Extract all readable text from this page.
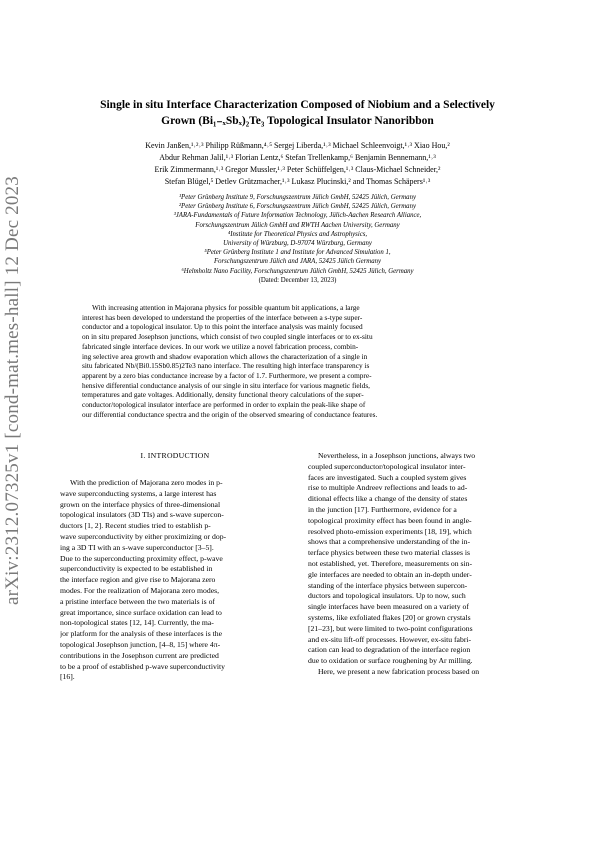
arXiv:2312.07325v1 [cond-mat.mes-hall] 12 Dec 2023
Single in situ Interface Characterization Composed of Niobium and a Selectively
Grown (Bi₁₋ₓSbₓ)₂Te₃ Topological Insulator Nanoribbon
Kevin Janßen,¹˒²˒³ Philipp Rüßmann,⁴˒⁵ Sergej Liberda,¹˒³ Michael Schleenvoigt,¹˒³ Xiao Hou,²
Abdur Rehman Jalil,¹˒³ Florian Lentz,⁶ Stefan Trellenkamp,⁶ Benjamin Bennemann,¹˒³
Erik Zimmermann,¹˒³ Gregor Mussler,¹˒³ Peter Schüffelgen,¹˒³ Claus-Michael Schneider,²
Stefan Blügel,⁵ Detlev Grützmacher,¹˒³ Lukasz Plucinski,² and Thomas Schäpers¹˒³
¹Peter Grünberg Institute 9, Forschungszentrum Jülich GmbH, 52425 Jülich, Germany
²Peter Grünberg Institute 6, Forschungszentrum Jülich GmbH, 52425 Jülich, Germany
³JARA-Fundamentals of Future Information Technology, Jülich-Aachen Research Alliance,
Forschungszentrum Jülich GmbH and RWTH Aachen University, Germany
⁴Institute for Theoretical Physics and Astrophysics,
University of Würzburg, D-97074 Würzburg, Germany
⁵Peter Grünberg Institute 1 and Institute for Advanced Simulation 1,
Forschungszentrum Jülich and JARA, 52425 Jülich Germany
⁶Helmholtz Nano Facility, Forschungszentrum Jülich GmbH, 52425 Jülich, Germany
(Dated: December 13, 2023)
With increasing attention in Majorana physics for possible quantum bit applications, a large
interest has been developed to understand the properties of the interface between a s-type super-
conductor and a topological insulator. Up to this point the interface analysis was mainly focused
on in situ prepared Josephson junctions, which consist of two coupled single interfaces or to ex-situ
fabricated single interface devices. In our work we utilize a novel fabrication process, combin-
ing selective area growth and shadow evaporation which allows the characterization of a single in
situ fabricated Nb/(Bi0.15Sb0.85)2Te3 nano interface. The resulting high interface transparency is
apparent by a zero bias conductance increase by a factor of 1.7. Furthermore, we present a compre-
hensive differential conductance analysis of our single in situ interface for various magnetic fields,
temperatures and gate voltages. Additionally, density functional theory calculations of the super-
conductor/topological insulator interface are performed in order to explain the peak-like shape of
our differential conductance spectra and the origin of the observed smearing of conductance features.
I. INTRODUCTION
With the prediction of Majorana zero modes in p-
wave superconducting systems, a large interest has
grown on the interface physics of three-dimensional
topological insulators (3D TIs) and s-wave supercon-
ductors [1, 2]. Recent studies tried to establish p-
wave superconductivity by either proximizing or dop-
ing a 3D TI with an s-wave superconductor [3–5].
Due to the superconducting proximity effect, p-wave
superconductivity is expected to be established in
the interface region and give rise to Majorana zero
modes. For the realization of Majorana zero modes,
a pristine interface between the two materials is of
great importance, since surface oxidation can lead to
non-topological states [12, 14]. Currently, the ma-
jor platform for the analysis of these interfaces is the
topological Josephson junction, [4–8, 15] where 4π-
contributions in the Josephson current are predicted
to be a proof of established p-wave superconductivity
[16].
Nevertheless, in a Josephson junctions, always two
coupled superconductor/topological insulator inter-
faces are investigated. Such a coupled system gives
rise to multiple Andreev reflections and leads to ad-
ditional effects like a change of the density of states
in the junction [17]. Furthermore, evidence for a
topological proximity effect has been found in angle-
resolved photo-emission experiments [18, 19], which
shows that a comprehensive understanding of the in-
terface physics between these two material classes is
not established, yet. Therefore, measurements on sin-
gle interfaces are needed to obtain an in-depth under-
standing of the interface physics between supercon-
ductors and topological insulators. Up to now, such
single interfaces have been measured on a variety of
systems, like exfoliated flakes [20] or grown crystals
[21–23], but were limited to two-point configurations
and ex-situ lift-off processes. However, ex-situ fabri-
cation can lead to degradation of the interface region
due to oxidation or surface roughening by Ar milling.
Here, we present a new fabrication process based on
